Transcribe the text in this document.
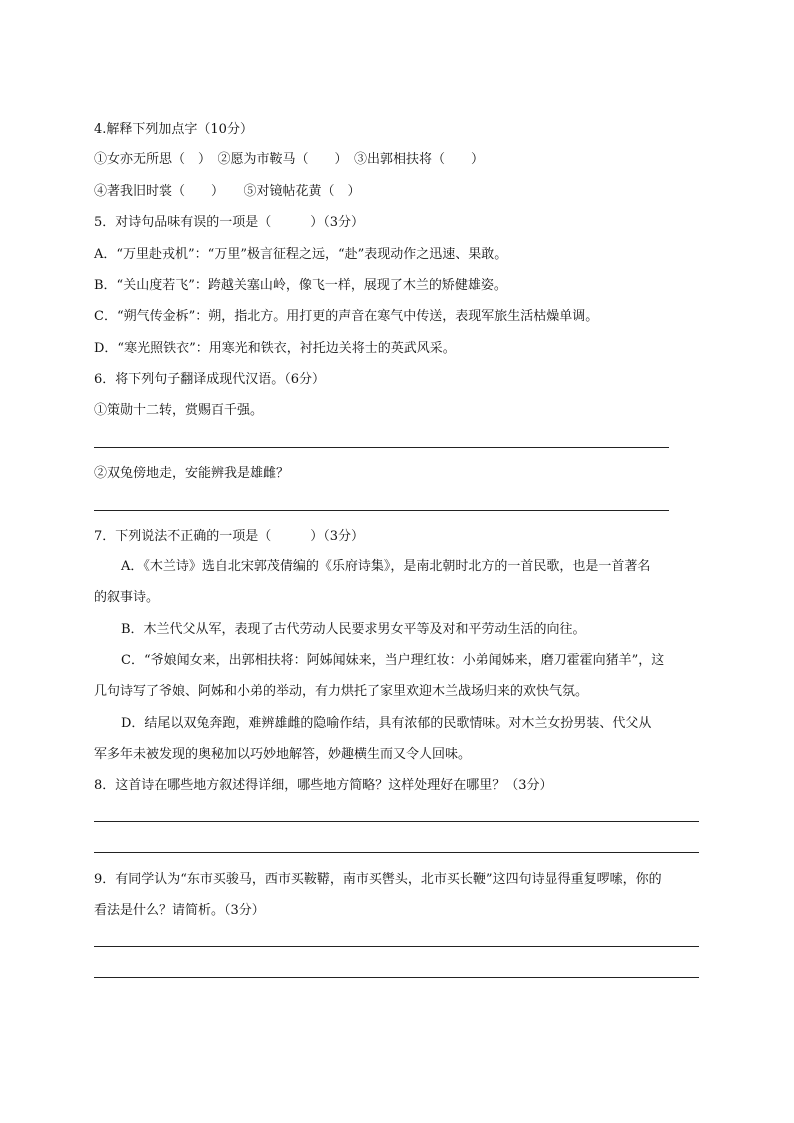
4.解释下列加点字（10分）
①女亦无所思（　）　②愿为市鞍马（　　）　③出郭相扶将（　　）
④著我旧时裳（　　）　　⑤对镜帖花黄（　）
5．对诗句品味有误的一项是（　　　）（3分）
A．“万里赴戎机”：“万里”极言征程之远，“赴”表现动作之迅速、果敢。
B．“关山度若飞”：跨越关塞山岭，像飞一样，展现了木兰的矫健雄姿。
C．“朔气传金柝”：朔，指北方。用打更的声音在寒气中传送，表现军旅生活枯燥单调。
D．“寒光照铁衣”：用寒光和铁衣，衬托边关将士的英武风采。
6．将下列句子翻译成现代汉语。（6分）
①策勋十二转，赏赐百千强。
②双兔傍地走，安能辨我是雄雌？
7．下列说法不正确的一项是（　　　）（3分）
A．《木兰诗》选自北宋郭茂倩编的《乐府诗集》，是南北朝时北方的一首民歌，也是一首著名
的叙事诗。
B．木兰代父从军，表现了古代劳动人民要求男女平等及对和平劳动生活的向往。
C．“爷娘闻女来，出郭相扶将：阿姊闻妹来，当户理红妆：小弟闻姊来，磨刀霍霍向猪羊”，这
几句诗写了爷娘、阿姊和小弟的举动，有力烘托了家里欢迎木兰战场归来的欢快气氛。
D．结尾以双兔奔跑，难辨雄雌的隐喻作结，具有浓郁的民歌情味。对木兰女扮男装、代父从
军多年未被发现的奥秘加以巧妙地解答，妙趣横生而又令人回味。
8．这首诗在哪些地方叙述得详细，哪些地方简略？这样处理好在哪里？（3分）
9．有同学认为“东市买骏马，西市买鞍鞯，南市买辔头，北市买长鞭”这四句诗显得重复啰嗦，你的
看法是什么？请简析。（3分）
